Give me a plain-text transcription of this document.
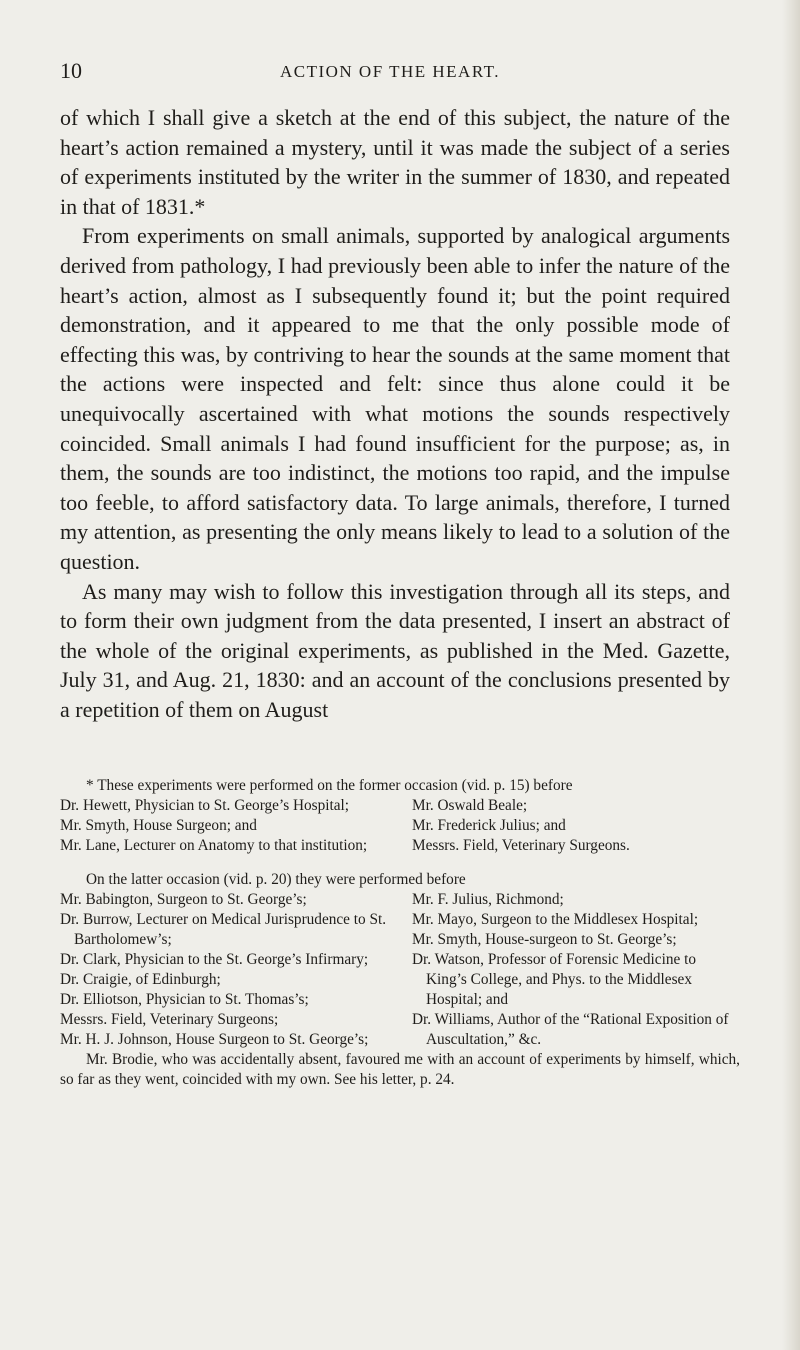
10	ACTION OF THE HEART.

of which I shall give a sketch at the end of this subject, the nature of the heart’s action remained a mystery, until it was made the subject of a series of experiments instituted by the writer in the summer of 1830, and repeated in that of 1831.*

From experiments on small animals, supported by analogical arguments derived from pathology, I had previously been able to infer the nature of the heart’s action, almost as I subsequently found it; but the point required demonstration, and it appeared to me that the only possible mode of effecting this was, by contriving to hear the sounds at the same moment that the actions were inspected and felt: since thus alone could it be unequivocally ascertained with what motions the sounds respectively coincided. Small animals I had found insufficient for the purpose; as, in them, the sounds are too indistinct, the motions too rapid, and the impulse too feeble, to afford satisfactory data. To large animals, therefore, I turned my attention, as presenting the only means likely to lead to a solution of the question.

As many may wish to follow this investigation through all its steps, and to form their own judgment from the data presented, I insert an abstract of the whole of the original experiments, as published in the Med. Gazette, July 31, and Aug. 21, 1830: and an account of the conclusions presented by a repetition of them on August

* These experiments were performed on the former occasion (vid. p. 15) before

Dr. Hewett, Physician to St. George’s Hospital;
Mr. Smyth, House Surgeon; and
Mr. Lane, Lecturer on Anatomy to that institution;
Mr. Oswald Beale;
Mr. Frederick Julius; and
Messrs. Field, Veterinary Surgeons.

On the latter occasion (vid. p. 20) they were performed before

Mr. Babington, Surgeon to St. George’s;
Dr. Burrow, Lecturer on Medical Jurisprudence to St. Bartholomew’s;
Dr. Clark, Physician to the St. George’s Infirmary;
Dr. Craigie, of Edinburgh;
Dr. Elliotson, Physician to St. Thomas’s;
Messrs. Field, Veterinary Surgeons;
Mr. H. J. Johnson, House Surgeon to St. George’s;
Mr. F. Julius, Richmond;
Mr. Mayo, Surgeon to the Middlesex Hospital;
Mr. Smyth, House-surgeon to St. George’s;
Dr. Watson, Professor of Forensic Medicine to King’s College, and Phys. to the Middlesex Hospital; and
Dr. Williams, Author of the “Rational Exposition of Auscultation,” &c.

Mr. Brodie, who was accidentally absent, favoured me with an account of experiments by himself, which, so far as they went, coincided with my own. See his letter, p. 24.
